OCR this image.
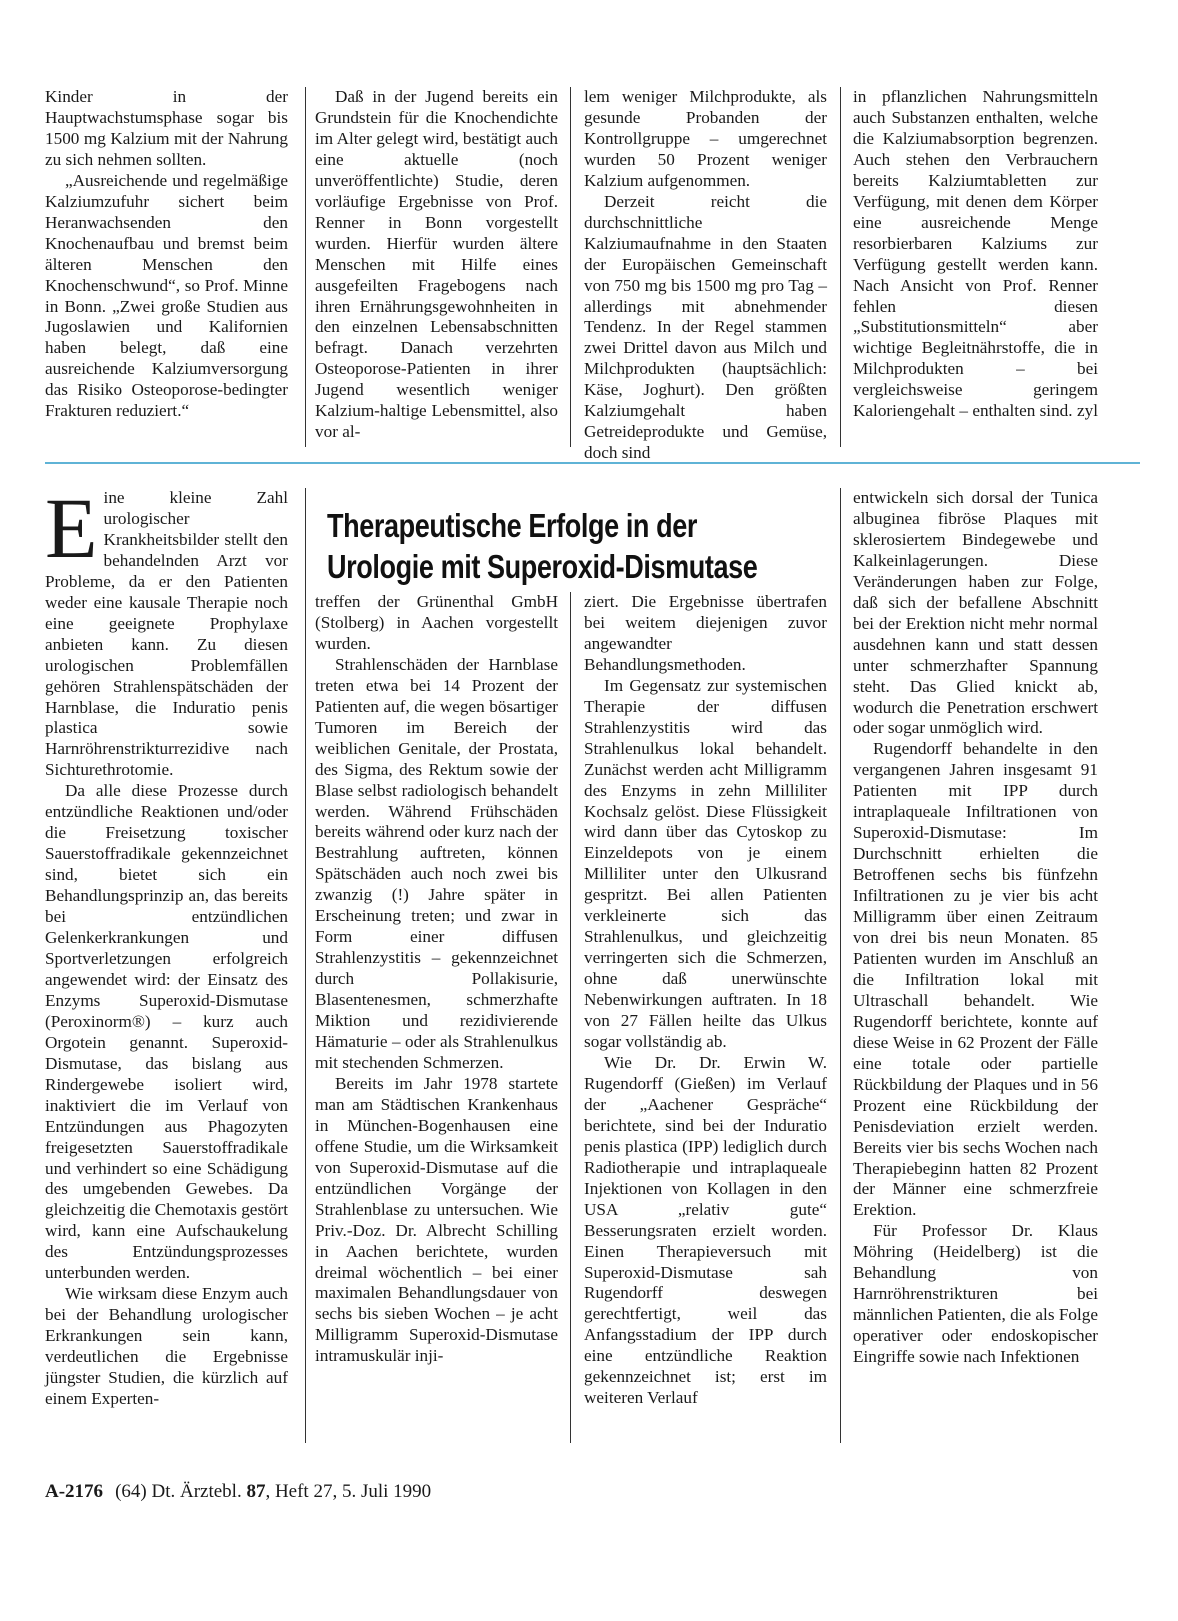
Kinder in der Hauptwachstumsphase sogar bis 1500 mg Kalzium mit der Nahrung zu sich nehmen sollten.

„Ausreichende und regelmäßige Kalziumzufuhr sichert beim Heranwachsenden den Knochenaufbau und bremst beim älteren Menschen den Knochenschwund“, so Prof. Minne in Bonn. „Zwei große Studien aus Jugoslawien und Kalifornien haben belegt, daß eine ausreichende Kalziumversorgung das Risiko Osteoporose-bedingter Frakturen reduziert.“

Daß in der Jugend bereits ein Grundstein für die Knochendichte im Alter gelegt wird, bestätigt auch eine aktuelle (noch unveröffentlichte) Studie, deren vorläufige Ergebnisse von Prof. Renner in Bonn vorgestellt wurden. Hierfür wurden ältere Menschen mit Hilfe eines ausgefeilten Fragebogens nach ihren Ernährungsgewohnheiten in den einzelnen Lebensabschnitten befragt. Danach verzehrten Osteoporose-Patienten in ihrer Jugend wesentlich weniger Kalzium-haltige Lebensmittel, also vor al-

lem weniger Milchprodukte, als gesunde Probanden der Kontrollgruppe – umgerechnet wurden 50 Prozent weniger Kalzium aufgenommen.

Derzeit reicht die durchschnittliche Kalziumaufnahme in den Staaten der Europäischen Gemeinschaft von 750 mg bis 1500 mg pro Tag – allerdings mit abnehmender Tendenz. In der Regel stammen zwei Drittel davon aus Milch und Milchprodukten (hauptsächlich: Käse, Joghurt). Den größten Kalziumgehalt haben Getreideprodukte und Gemüse, doch sind

in pflanzlichen Nahrungsmitteln auch Substanzen enthalten, welche die Kalziumabsorption begrenzen. Auch stehen den Verbrauchern bereits Kalziumtabletten zur Verfügung, mit denen dem Körper eine ausreichende Menge resorbierbaren Kalziums zur Verfügung gestellt werden kann. Nach Ansicht von Prof. Renner fehlen diesen „Substitutionsmitteln“ aber wichtige Begleitnährstoffe, die in Milchprodukten – bei vergleichsweise geringem Kaloriengehalt – enthalten sind. zyl

Therapeutische Erfolge in der
Urologie mit Superoxid-Dismutase

Eine kleine Zahl urologischer Krankheitsbilder stellt den behandelnden Arzt vor Probleme, da er den Patienten weder eine kausale Therapie noch eine geeignete Prophylaxe anbieten kann. Zu diesen urologischen Problemfällen gehören Strahlenspätschäden der Harnblase, die Induratio penis plastica sowie Harnröhrenstrikturrezidive nach Sichturethrotomie.

Da alle diese Prozesse durch entzündliche Reaktionen und/oder die Freisetzung toxischer Sauerstoffradikale gekennzeichnet sind, bietet sich ein Behandlungsprinzip an, das bereits bei entzündlichen Gelenkerkrankungen und Sportverletzungen erfolgreich angewendet wird: der Einsatz des Enzyms Superoxid-Dismutase (Peroxinorm®) – kurz auch Orgotein genannt. Superoxid-Dismutase, das bislang aus Rindergewebe isoliert wird, inaktiviert die im Verlauf von Entzündungen aus Phagozyten freigesetzten Sauerstoffradikale und verhindert so eine Schädigung des umgebenden Gewebes. Da gleichzeitig die Chemotaxis gestört wird, kann eine Aufschaukelung des Entzündungsprozesses unterbunden werden.

Wie wirksam diese Enzym auch bei der Behandlung urologischer Erkrankungen sein kann, verdeutlichen die Ergebnisse jüngster Studien, die kürzlich auf einem Experten-

treffen der Grünenthal GmbH (Stolberg) in Aachen vorgestellt wurden.

Strahlenschäden der Harnblase treten etwa bei 14 Prozent der Patienten auf, die wegen bösartiger Tumoren im Bereich der weiblichen Genitale, der Prostata, des Sigma, des Rektum sowie der Blase selbst radiologisch behandelt werden. Während Frühschäden bereits während oder kurz nach der Bestrahlung auftreten, können Spätschäden auch noch zwei bis zwanzig (!) Jahre später in Erscheinung treten; und zwar in Form einer diffusen Strahlenzystitis – gekennzeichnet durch Pollakisurie, Blasentenesmen, schmerzhafte Miktion und rezidivierende Hämaturie – oder als Strahlenulkus mit stechenden Schmerzen.

Bereits im Jahr 1978 startete man am Städtischen Krankenhaus in München-Bogenhausen eine offene Studie, um die Wirksamkeit von Superoxid-Dismutase auf die entzündlichen Vorgänge der Strahlenblase zu untersuchen. Wie Priv.-Doz. Dr. Albrecht Schilling in Aachen berichtete, wurden dreimal wöchentlich – bei einer maximalen Behandlungsdauer von sechs bis sieben Wochen – je acht Milligramm Superoxid-Dismutase intramuskulär inji-

ziert. Die Ergebnisse übertrafen bei weitem diejenigen zuvor angewandter Behandlungsmethoden.

Im Gegensatz zur systemischen Therapie der diffusen Strahlenzystitis wird das Strahlenulkus lokal behandelt. Zunächst werden acht Milligramm des Enzyms in zehn Milliliter Kochsalz gelöst. Diese Flüssigkeit wird dann über das Cytoskop zu Einzeldepots von je einem Milliliter unter den Ulkusrand gespritzt. Bei allen Patienten verkleinerte sich das Strahlenulkus, und gleichzeitig verringerten sich die Schmerzen, ohne daß unerwünschte Nebenwirkungen auftraten. In 18 von 27 Fällen heilte das Ulkus sogar vollständig ab.

Wie Dr. Dr. Erwin W. Rugendorff (Gießen) im Verlauf der „Aachener Gespräche“ berichtete, sind bei der Induratio penis plastica (IPP) lediglich durch Radiotherapie und intraplaqueale Injektionen von Kollagen in den USA „relativ gute“ Besserungsraten erzielt worden. Einen Therapieversuch mit Superoxid-Dismutase sah Rugendorff deswegen gerechtfertigt, weil das Anfangsstadium der IPP durch eine entzündliche Reaktion gekennzeichnet ist; erst im weiteren Verlauf

entwickeln sich dorsal der Tunica albuginea fibröse Plaques mit sklerosiertem Bindegewebe und Kalkeinlagerungen. Diese Veränderungen haben zur Folge, daß sich der befallene Abschnitt bei der Erektion nicht mehr normal ausdehnen kann und statt dessen unter schmerzhafter Spannung steht. Das Glied knickt ab, wodurch die Penetration erschwert oder sogar unmöglich wird.

Rugendorff behandelte in den vergangenen Jahren insgesamt 91 Patienten mit IPP durch intraplaqueale Infiltrationen von Superoxid-Dismutase: Im Durchschnitt erhielten die Betroffenen sechs bis fünfzehn Infiltrationen zu je vier bis acht Milligramm über einen Zeitraum von drei bis neun Monaten. 85 Patienten wurden im Anschluß an die Infiltration lokal mit Ultraschall behandelt. Wie Rugendorff berichtete, konnte auf diese Weise in 62 Prozent der Fälle eine totale oder partielle Rückbildung der Plaques und in 56 Prozent eine Rückbildung der Penisdeviation erzielt werden. Bereits vier bis sechs Wochen nach Therapiebeginn hatten 82 Prozent der Männer eine schmerzfreie Erektion.

Für Professor Dr. Klaus Möhring (Heidelberg) ist die Behandlung von Harnröhrenstrikturen bei männlichen Patienten, die als Folge operativer oder endoskopischer Eingriffe sowie nach Infektionen

A-2176 (64) Dt. Ärztebl. 87, Heft 27, 5. Juli 1990
